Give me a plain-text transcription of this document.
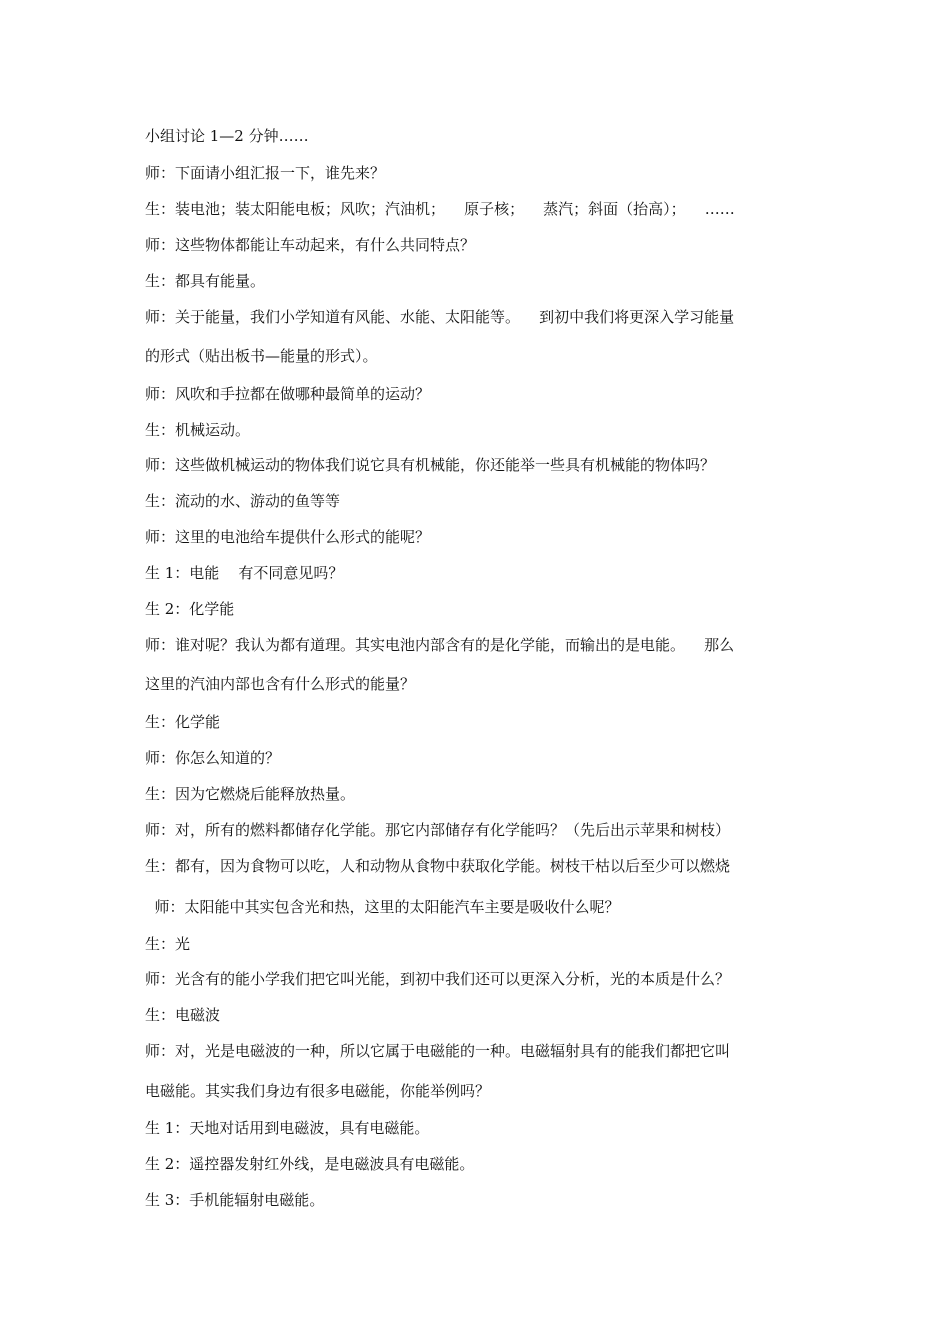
小组讨论 1—2 分钟……
师：下面请小组汇报一下，谁先来？
生：装电池；装太阳能电板；风吹；汽油机；    原子核；    蒸汽；斜面（抬高）；    ……
师：这些物体都能让车动起来，有什么共同特点？
生：都具有能量。
师：关于能量，我们小学知道有风能、水能、太阳能等。    到初中我们将更深入学习能量
的形式（贴出板书—能量的形式）。
师：风吹和手拉都在做哪种最简单的运动？
生：机械运动。
师：这些做机械运动的物体我们说它具有机械能，你还能举一些具有机械能的物体吗？
生：流动的水、游动的鱼等等
师：这里的电池给车提供什么形式的能呢？
生 1：电能    有不同意见吗？
生 2：化学能
师：谁对呢？我认为都有道理。其实电池内部含有的是化学能，而输出的是电能。    那么
这里的汽油内部也含有什么形式的能量？
生：化学能
师：你怎么知道的？
生：因为它燃烧后能释放热量。
师：对，所有的燃料都储存化学能。那它内部储存有化学能吗？（先后出示苹果和树枝）
生：都有，因为食物可以吃，人和动物从食物中获取化学能。树枝干枯以后至少可以燃烧
师：太阳能中其实包含光和热，这里的太阳能汽车主要是吸收什么呢？
生：光
师：光含有的能小学我们把它叫光能，到初中我们还可以更深入分析，光的本质是什么？
生：电磁波
师：对，光是电磁波的一种，所以它属于电磁能的一种。电磁辐射具有的能我们都把它叫
电磁能。其实我们身边有很多电磁能，你能举例吗？
生 1：天地对话用到电磁波，具有电磁能。
生 2：遥控器发射红外线，是电磁波具有电磁能。
生 3：手机能辐射电磁能。
